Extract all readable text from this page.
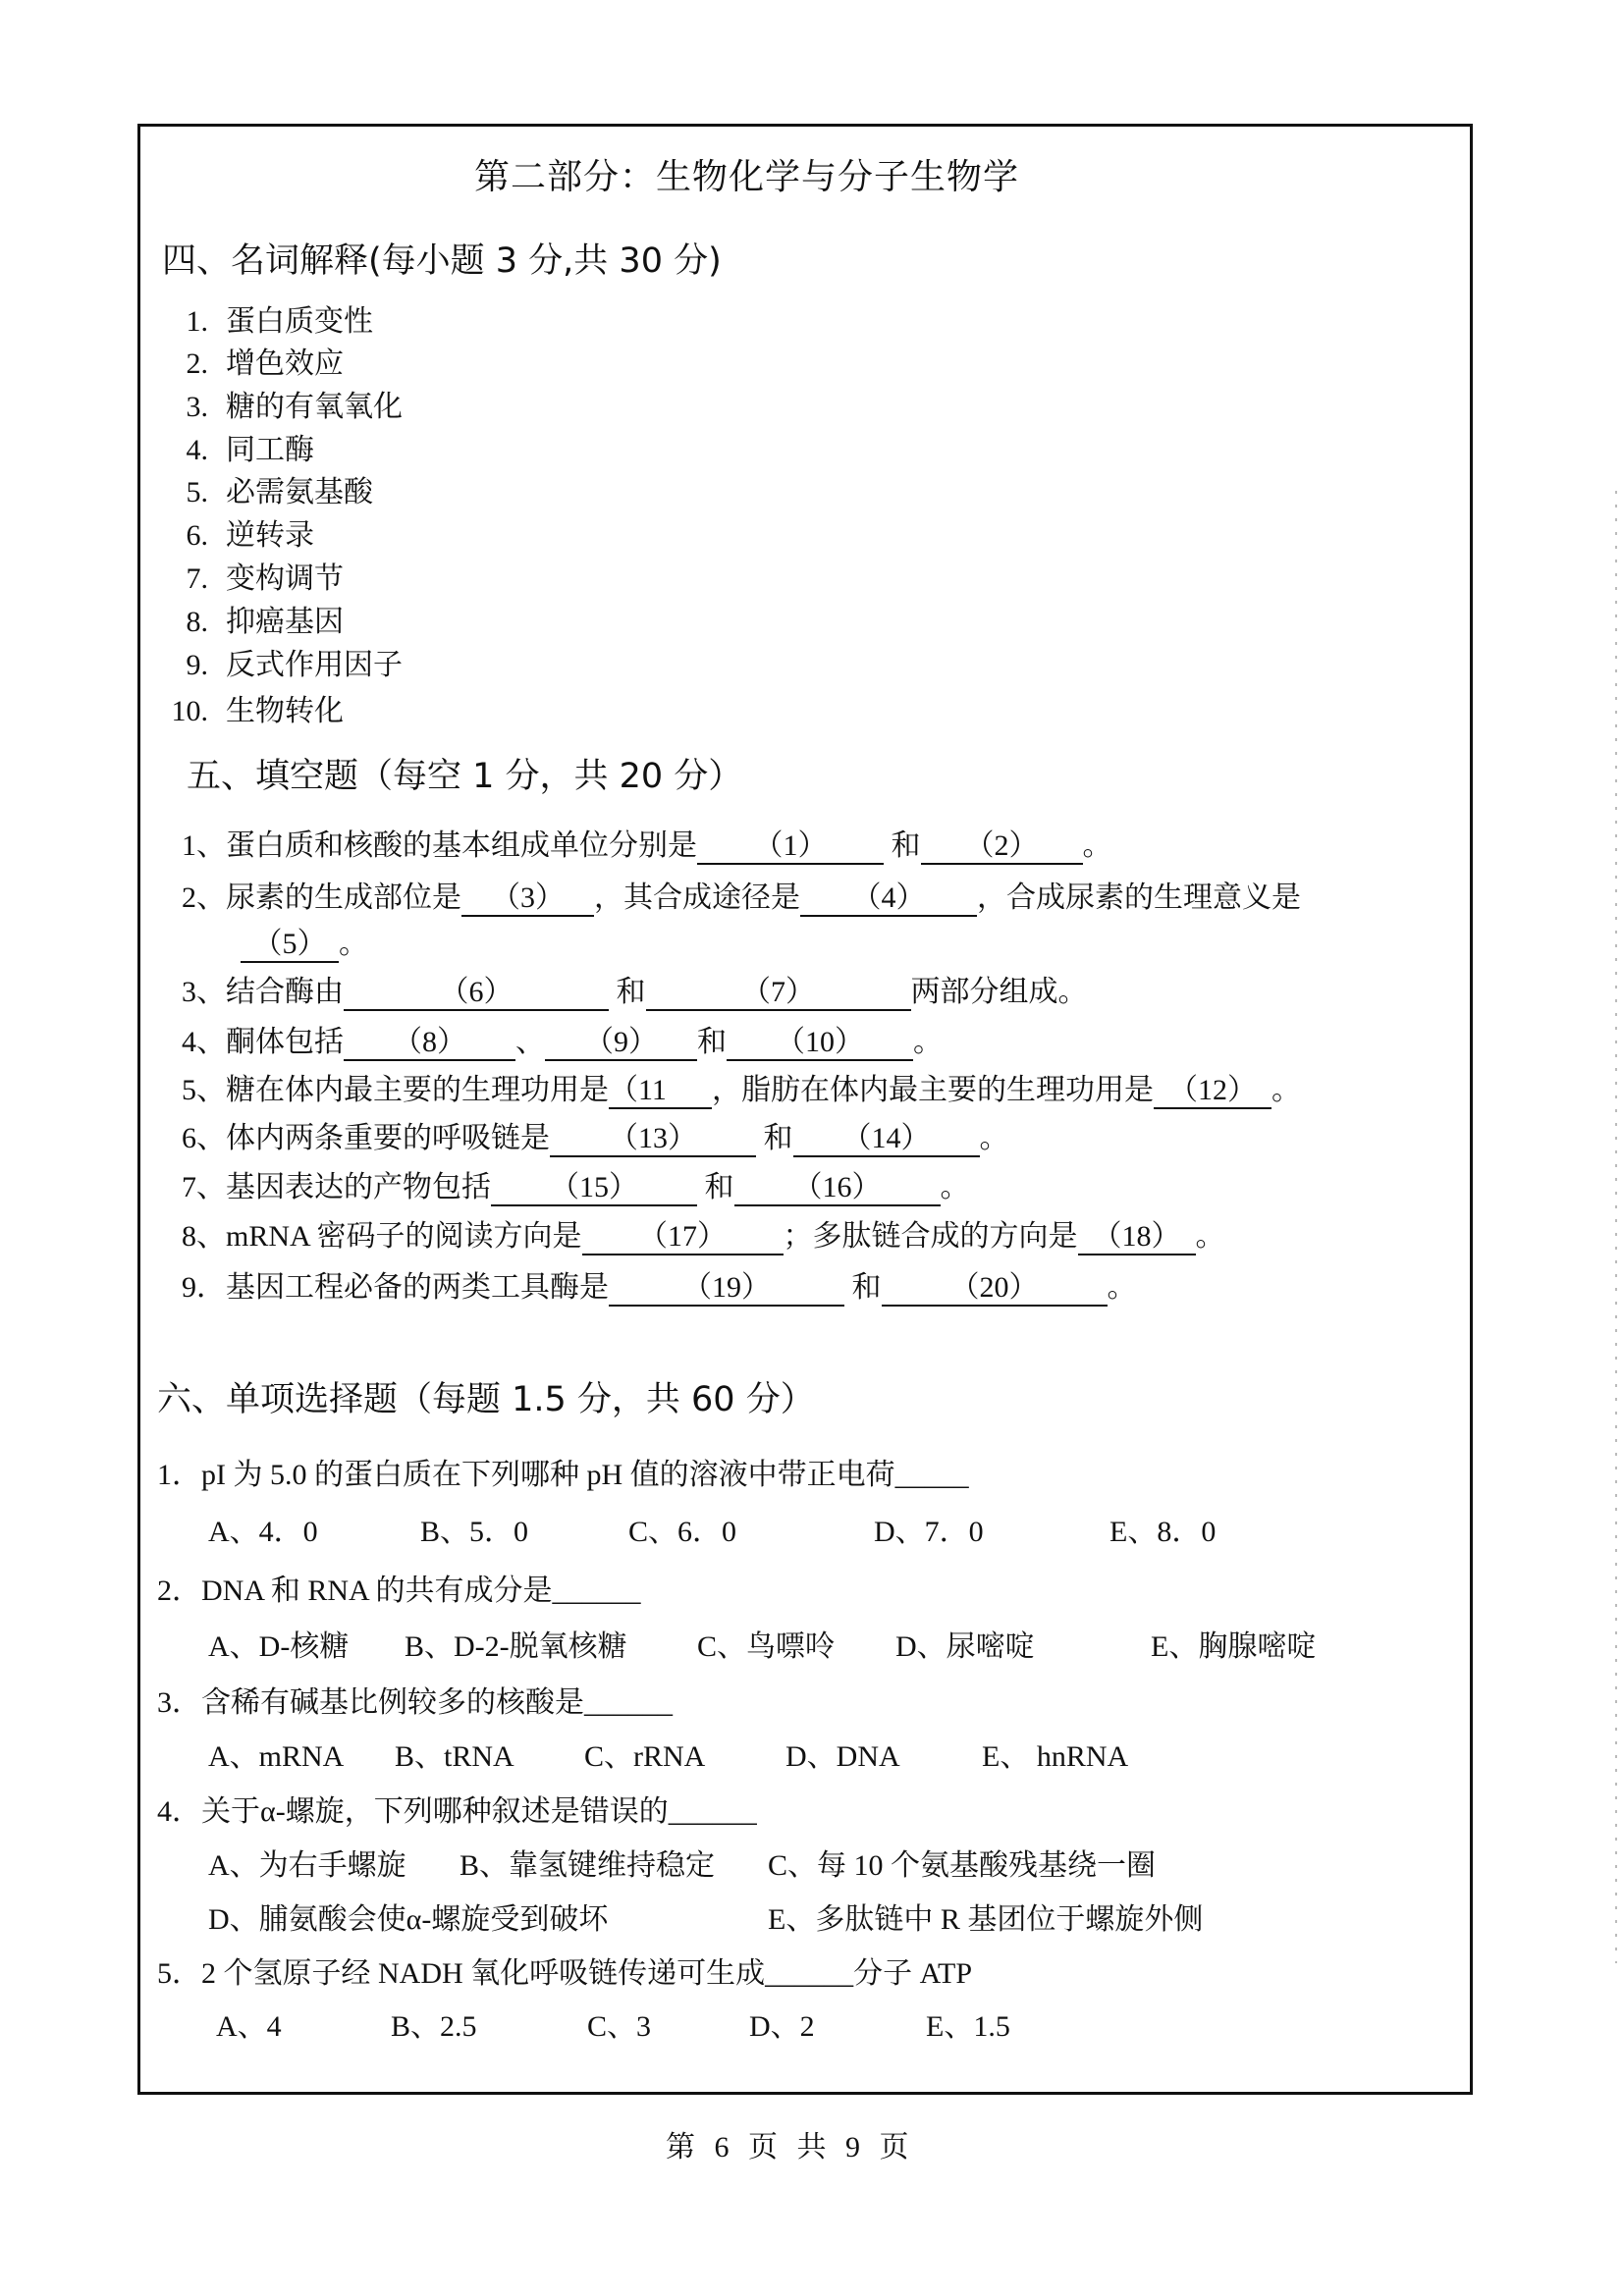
第二部分：生物化学与分子生物学
四、名词解释(每小题 3 分,共 30 分)
1. 蛋白质变性
2. 增色效应
3. 糖的有氧氧化
4. 同工酶
5. 必需氨基酸
6. 逆转录
7. 变构调节
8. 抑癌基因
9. 反式作用因子
10. 生物转化
五、填空题（每空 1 分，共 20 分）
1、蛋白质和核酸的基本组成单位分别是 （1） 和 （2） 。
2、尿素的生成部位是 （3） ，其合成途径是 （4） ，合成尿素的生理意义是
（5） 。
3、结合酶由	（6）	和	（7）	两部分组成。
4、酮体包括 （8） 、 （9） 和 （10） 。
5、糖在体内最主要的生理功用是（11 ，脂肪在体内最主要的生理功用是 （12） 。
6、体内两条重要的呼吸链是 （13） 和 （14） 。
7、基因表达的产物包括 （15） 和 （16） 。
8、mRNA 密码子的阅读方向是 （17） ；多肽链合成的方向是 （18） 。
9．基因工程必备的两类工具酶是	（19）	和 （20） 。
六、单项选择题（每题 1.5 分，共 60 分）
1．pI 为 5.0 的蛋白质在下列哪种 pH 值的溶液中带正电荷_____
A、4．0	B、5．0	C、6．0	D、7．0	E、8．0
2．DNA 和 RNA 的共有成分是______
A、D-核糖 B、D-2-脱氧核糖 C、鸟嘌呤 D、尿嘧啶	E、胸腺嘧啶
3．含稀有碱基比例较多的核酸是______
A、mRNA B、tRNA C、rRNA	D、DNA	E、 hnRNA
4．关于α-螺旋，下列哪种叙述是错误的______
A、为右手螺旋 B、靠氢键维持稳定 C、每 10 个氨基酸残基绕一圈
D、脯氨酸会使α-螺旋受到破坏	E、多肽链中 R 基团位于螺旋外侧
5．2 个氢原子经 NADH 氧化呼吸链传递可生成______分子 ATP
A、4	B、2.5	C、3	D、2	E、1.5
第 6 页 共 9 页
